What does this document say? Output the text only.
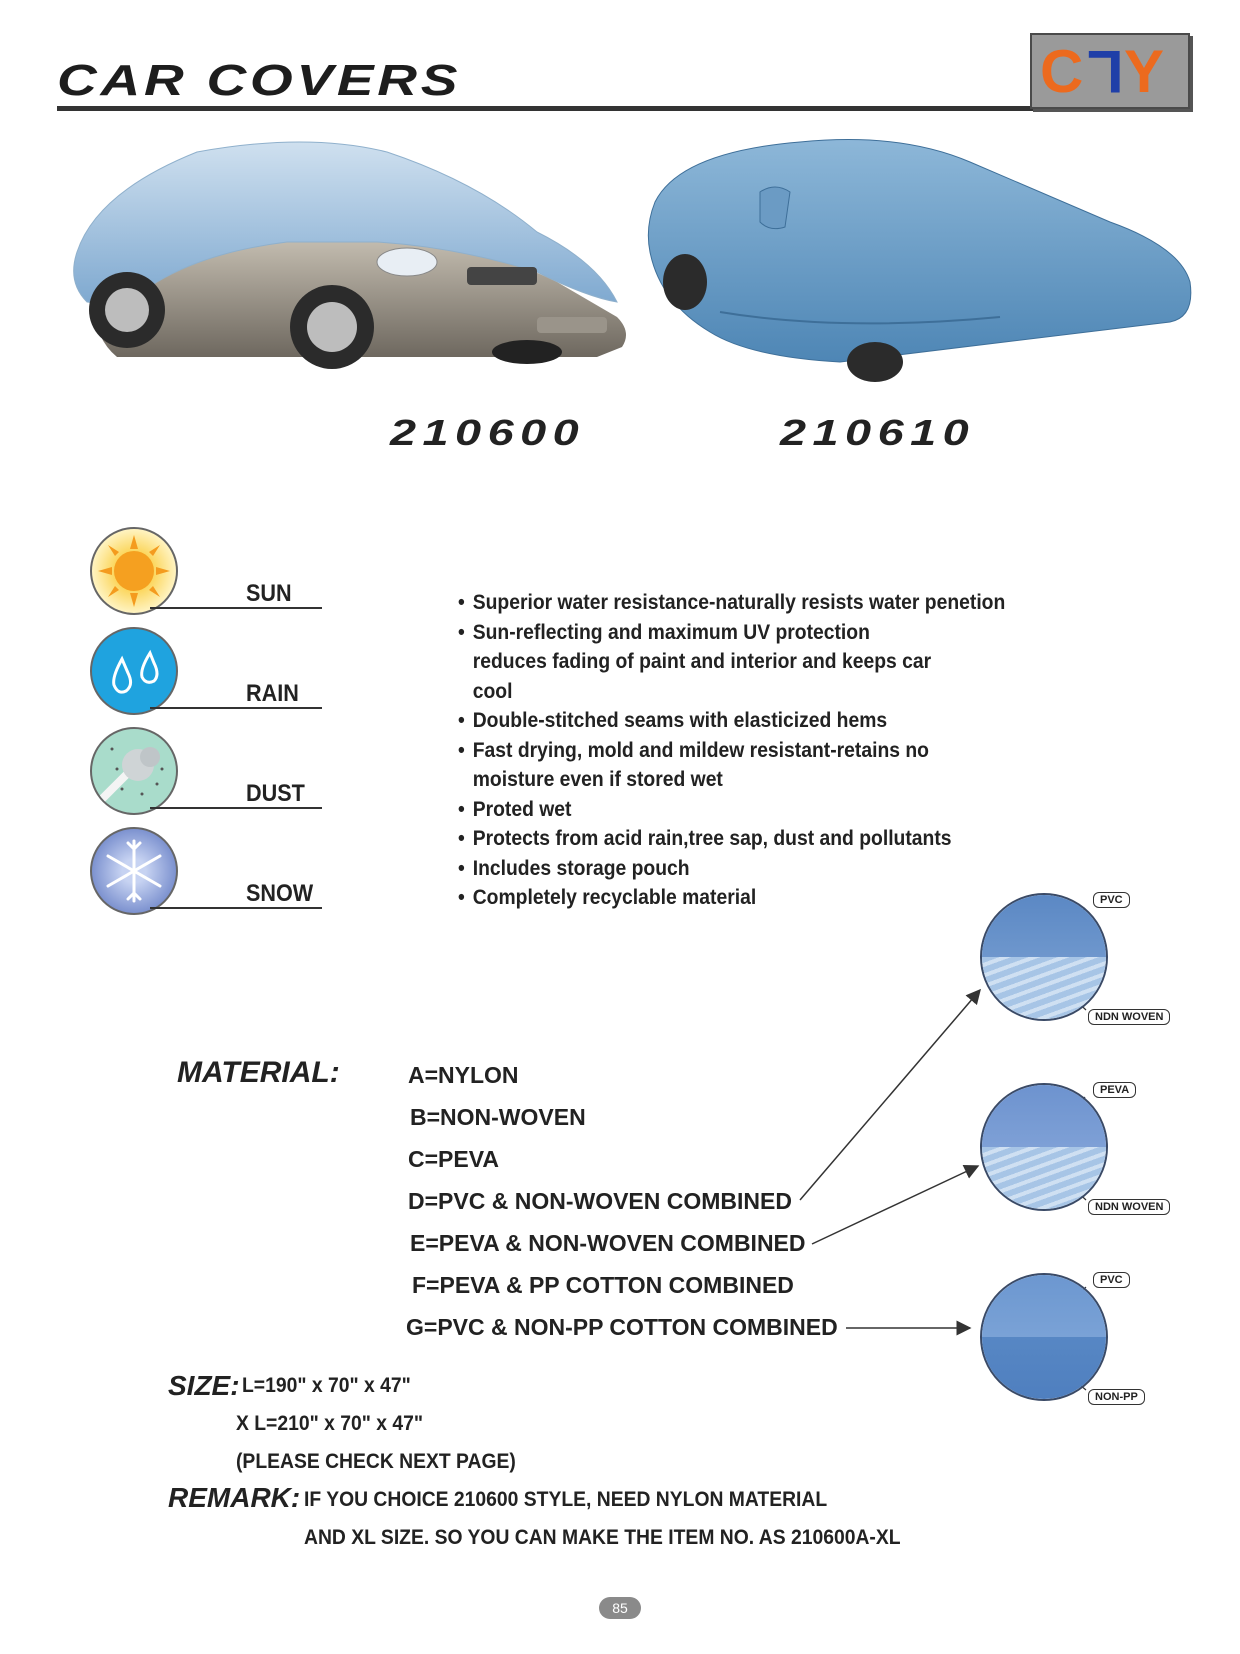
CAR COVERS	CLY
210600	210610
SUN
RAIN
DUST
SNOW
• Superior water resistance-naturally resists water penetion
• Sun-reflecting and maximum UV protection reduces fading of paint and interior and keeps car cool
• Double-stitched seams with elasticized hems
• Fast drying, mold and mildew resistant-retains no moisture even if stored wet
• Proted wet
• Protects from acid rain,tree sap, dust and pollutants
• Includes storage pouch
• Completely recyclable material
MATERIAL:	A=NYLON
B=NON-WOVEN
C=PEVA
D=PVC & NON-WOVEN COMBINED
E=PEVA & NON-WOVEN COMBINED
F=PEVA & PP COTTON COMBINED
G=PVC & NON-PP COTTON COMBINED
PVC
NDN WOVEN
PEVA
NDN WOVEN
PVC
NON-PP
SIZE: L=190" x 70" x 47"
X L=210" x 70" x 47"
(PLEASE CHECK NEXT PAGE)
REMARK: IF YOU CHOICE 210600 STYLE, NEED NYLON MATERIAL
AND XL SIZE. SO YOU CAN MAKE THE ITEM NO. AS 210600A-XL
85
